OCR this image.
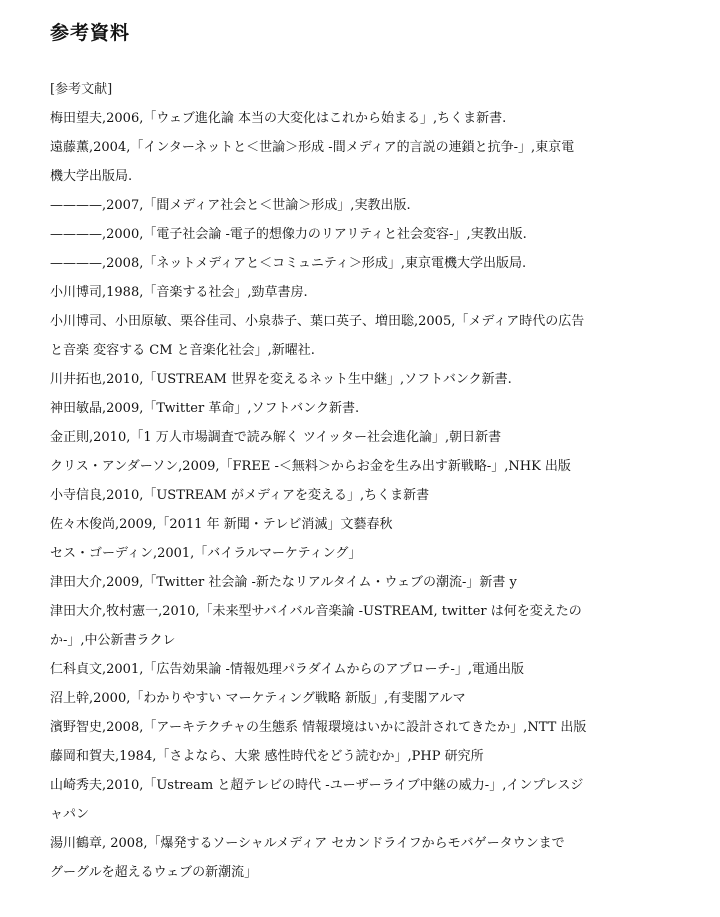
参考資料

[参考文献]

梅田望夫,2006,「ウェブ進化論 本当の大変化はこれから始まる」,ちくま新書.
遠藤薫,2004,「インターネットと＜世論＞形成 -間メディア的言説の連鎖と抗争-」,東京電
機大学出版局.
————,2007,「間メディア社会と＜世論＞形成」,実教出版.
————,2000,「電子社会論 -電子的想像力のリアリティと社会変容-」,実教出版.
————,2008,「ネットメディアと＜コミュニティ＞形成」,東京電機大学出版局.
小川博司,1988,「音楽する社会」,勁草書房.
小川博司、小田原敏、栗谷佳司、小泉恭子、葉口英子、増田聡,2005,「メディア時代の広告
と音楽 変容する CM と音楽化社会」,新曜社.
川井拓也,2010,「USTREAM 世界を変えるネット生中継」,ソフトバンク新書.
神田敏晶,2009,「Twitter 革命」,ソフトバンク新書.
金正則,2010,「1 万人市場調査で読み解く ツイッター社会進化論」,朝日新書
クリス・アンダーソン,2009,「FREE -＜無料＞からお金を生み出す新戦略-」,NHK 出版
小寺信良,2010,「USTREAM がメディアを変える」,ちくま新書
佐々木俊尚,2009,「2011 年 新聞・テレビ消滅」文藝春秋
セス・ゴーディン,2001,「バイラルマーケティング」
津田大介,2009,「Twitter 社会論 -新たなリアルタイム・ウェブの潮流-」新書 y
津田大介,牧村憲一,2010,「未来型サバイバル音楽論 -USTREAM, twitter は何を変えたの
か-」,中公新書ラクレ
仁科貞文,2001,「広告効果論 -情報処理パラダイムからのアプローチ-」,電通出版
沼上幹,2000,「わかりやすい マーケティング戦略 新版」,有斐閣アルマ
濱野智史,2008,「アーキテクチャの生態系 情報環境はいかに設計されてきたか」,NTT 出版
藤岡和賀夫,1984,「さよなら、大衆 感性時代をどう読むか」,PHP 研究所
山崎秀夫,2010,「Ustream と超テレビの時代 -ユーザーライブ中継の威力-」,インプレスジ
ャパン
湯川鶴章, 2008,「爆発するソーシャルメディア セカンドライフからモバゲータウンまで
グーグルを超えるウェブの新潮流」
